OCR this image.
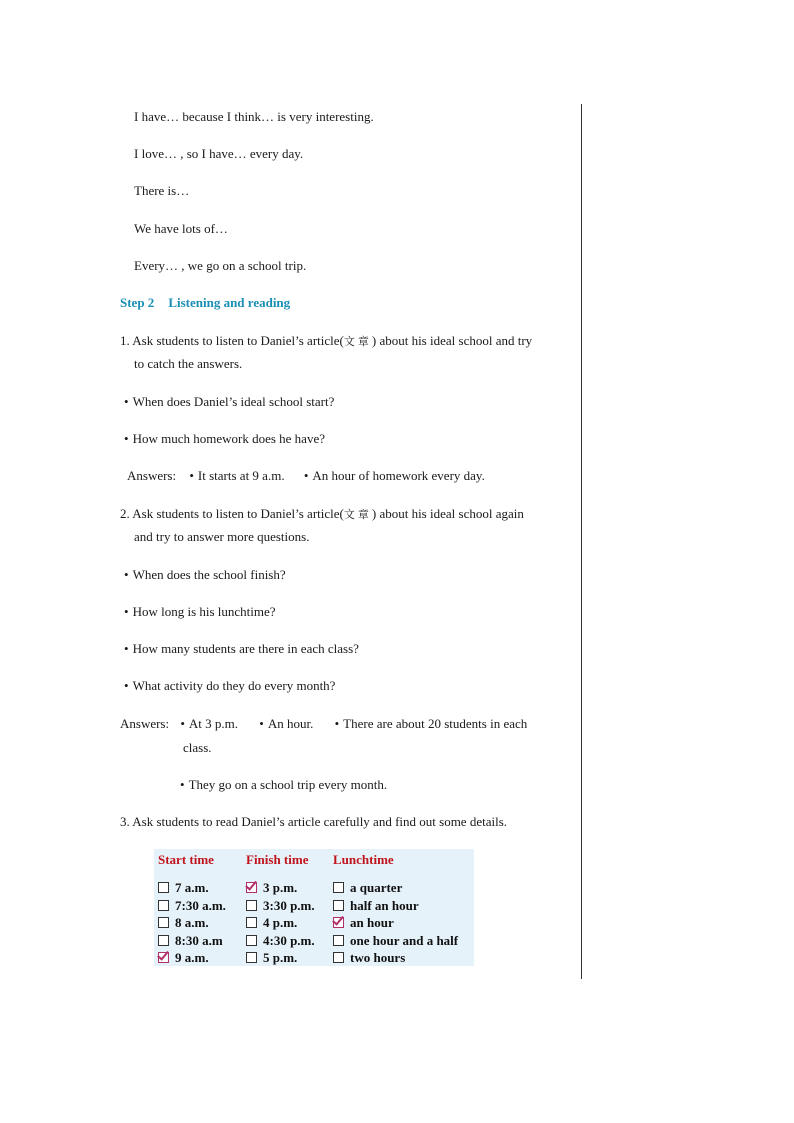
I have… because I think… is very interesting.
I love… , so I have… every day.
There is…
We have lots of…
Every… , we go on a school trip.
Step 2 Listening and reading
1. Ask students to listen to Daniel’s article(文章) about his ideal school and try
to catch the answers.
• When does Daniel’s ideal school start?
• How much homework does he have?
Answers: • It starts at 9 a.m. • An hour of homework every day.
2. Ask students to listen to Daniel’s article(文章) about his ideal school again
and try to answer more questions.
• When does the school finish?
• How long is his lunchtime?
• How many students are there in each class?
• What activity do they do every month?
Answers: • At 3 p.m. • An hour. • There are about 20 students in each
class.
• They go on a school trip every month.
3. Ask students to read Daniel’s article carefully and find out some details.
Start time
7 a.m.
7:30 a.m.
8 a.m.
8:30 a.m
9 a.m.
Finish time
3 p.m.
3:30 p.m.
4 p.m.
4:30 p.m.
5 p.m.
Lunchtime
a quarter
half an hour
an hour
one hour and a half
two hours
